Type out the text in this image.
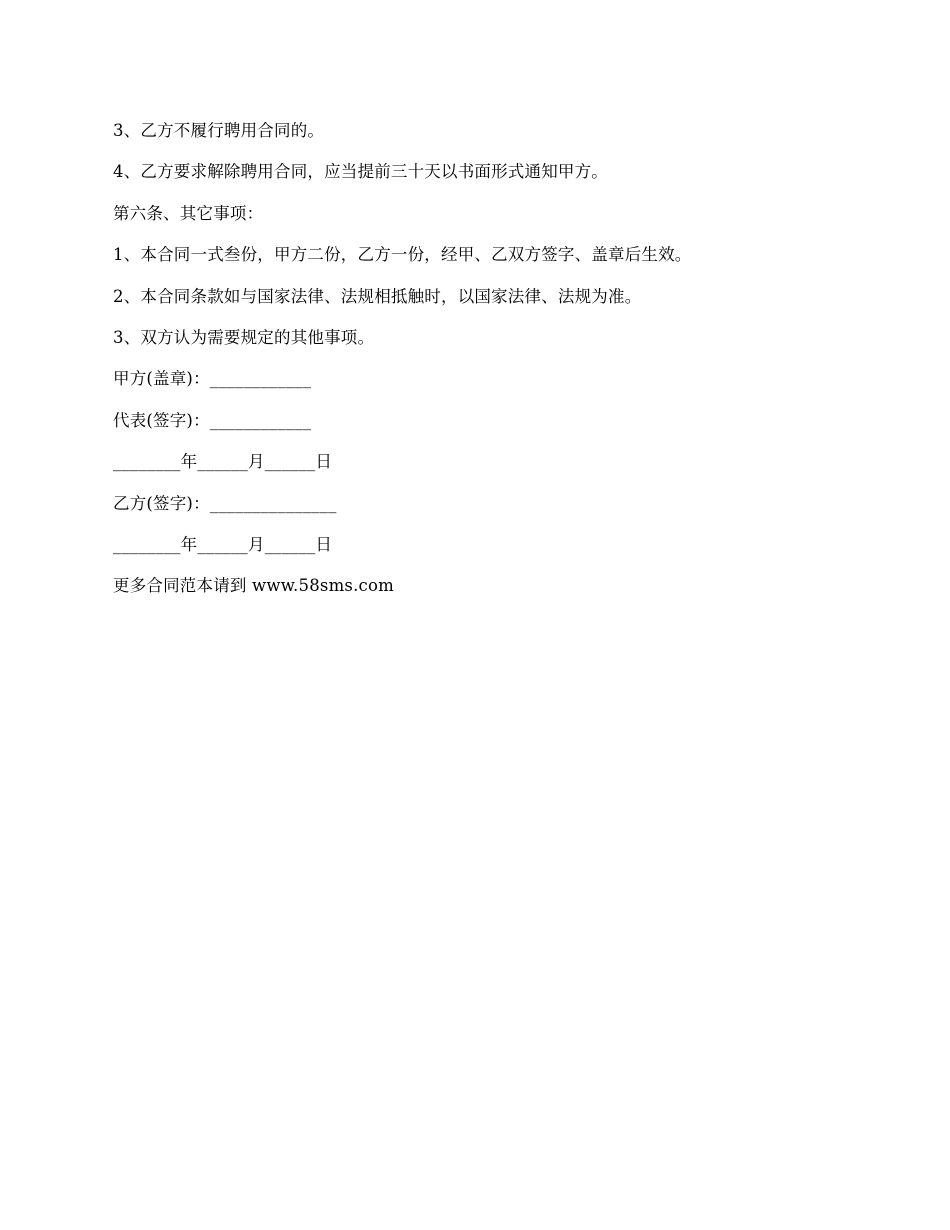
3、乙方不履行聘用合同的。
4、乙方要求解除聘用合同，应当提前三十天以书面形式通知甲方。
第六条、其它事项：
1、本合同一式叁份，甲方二份，乙方一份，经甲、乙双方签字、盖章后生效。
2、本合同条款如与国家法律、法规相抵触时，以国家法律、法规为准。
3、双方认为需要规定的其他事项。
甲方(盖章)：____________
代表(签字)：____________
________年______月______日
乙方(签字)：_______________
________年______月______日
更多合同范本请到 www.58sms.com
